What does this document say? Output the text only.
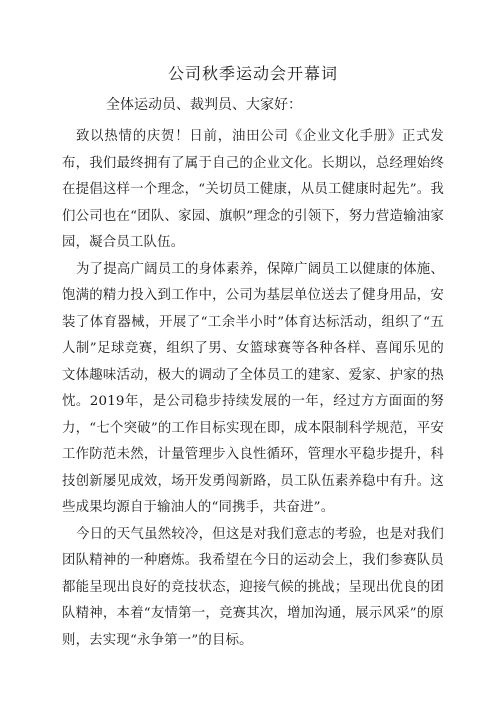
公司秋季运动会开幕词
全体运动员、裁判员、大家好：

致以热情的庆贺！日前，油田公司《企业文化手册》正式发布，我们最终拥有了属于自己的企业文化。长期以，总经理始终在提倡这样一个理念，“关切员工健康，从员工健康时起先”。我们公司也在“团队、家园、旗帜”理念的引领下，努力营造输油家园，凝合员工队伍。

为了提高广阔员工的身体素养，保障广阔员工以健康的体施、饱满的精力投入到工作中，公司为基层单位送去了健身用品，安装了体育器械，开展了“工余半小时”体育达标活动，组织了“五人制”足球竞赛，组织了男、女篮球赛等各种各样、喜闻乐见的文体趣味活动，极大的调动了全体员工的建家、爱家、护家的热忱。2019年，是公司稳步持续发展的一年，经过方方面面的努力，“七个突破”的工作目标实现在即，成本限制科学规范，平安工作防范未然，计量管理步入良性循环，管理水平稳步提升，科技创新屡见成效，场开发勇闯新路，员工队伍素养稳中有升。这些成果均源自于输油人的“同携手，共奋进”。

今日的天气虽然较冷，但这是对我们意志的考验，也是对我们团队精神的一种磨炼。我希望在今日的运动会上，我们参赛队员都能呈现出良好的竞技状态，迎接气候的挑战；呈现出优良的团队精神，本着“友情第一，竞赛其次，增加沟通，展示风采”的原则，去实现“永争第一”的目标。
